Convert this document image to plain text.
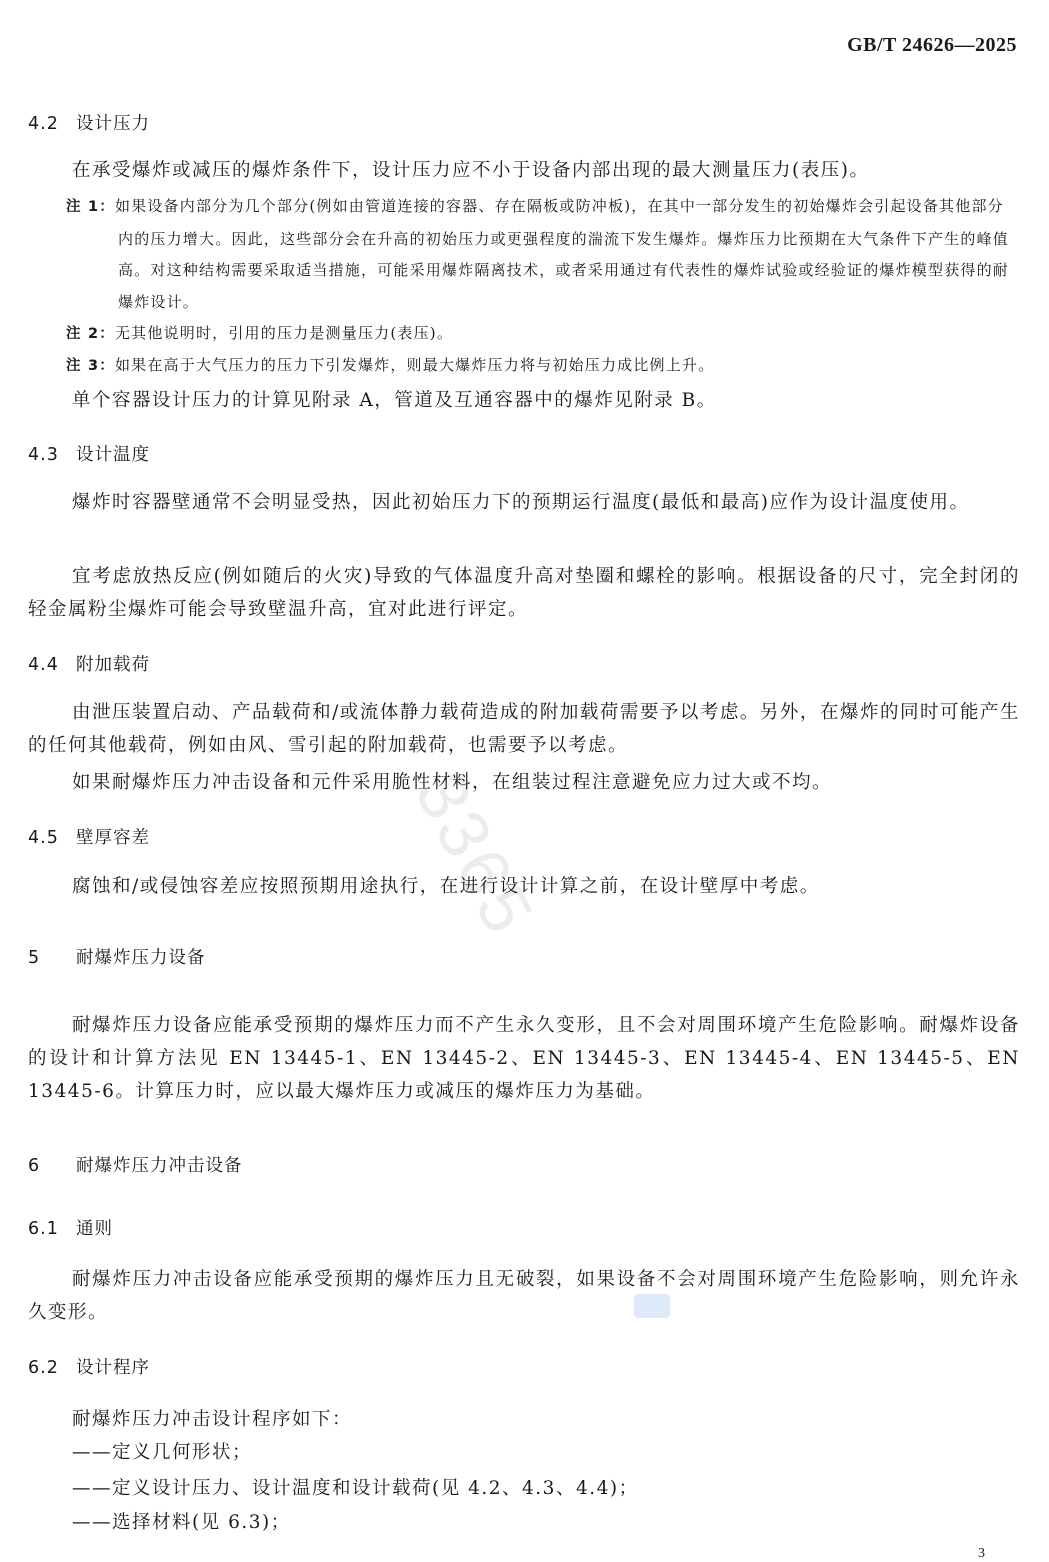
GB/T 24626—2025
3365
4.2 设计压力

在承受爆炸或减压的爆炸条件下，设计压力应不小于设备内部出现的最大测量压力(表压)。

注 1：如果设备内部分为几个部分(例如由管道连接的容器、存在隔板或防冲板)，在其中一部分发生的初始爆炸会引起设备其他部分内的压力增大。因此，这些部分会在升高的初始压力或更强程度的湍流下发生爆炸。爆炸压力比预期在大气条件下产生的峰值高。对这种结构需要采取适当措施，可能采用爆炸隔离技术，或者采用通过有代表性的爆炸试验或经验证的爆炸模型获得的耐爆炸设计。

注 2：无其他说明时，引用的压力是测量压力(表压)。

注 3：如果在高于大气压力的压力下引发爆炸，则最大爆炸压力将与初始压力成比例上升。

单个容器设计压力的计算见附录 A，管道及互通容器中的爆炸见附录 B。

4.3 设计温度

爆炸时容器壁通常不会明显受热，因此初始压力下的预期运行温度(最低和最高)应作为设计温度使用。

宜考虑放热反应(例如随后的火灾)导致的气体温度升高对垫圈和螺栓的影响。根据设备的尺寸，完全封闭的轻金属粉尘爆炸可能会导致壁温升高，宜对此进行评定。

4.4 附加载荷

由泄压装置启动、产品载荷和/或流体静力载荷造成的附加载荷需要予以考虑。另外，在爆炸的同时可能产生的任何其他载荷，例如由风、雪引起的附加载荷，也需要予以考虑。

如果耐爆炸压力冲击设备和元件采用脆性材料，在组装过程注意避免应力过大或不均。

4.5 壁厚容差

腐蚀和/或侵蚀容差应按照预期用途执行，在进行设计计算之前，在设计壁厚中考虑。

5 耐爆炸压力设备

耐爆炸压力设备应能承受预期的爆炸压力而不产生永久变形，且不会对周围环境产生危险影响。耐爆炸设备的设计和计算方法见 EN 13445-1、EN 13445-2、EN 13445-3、EN 13445-4、EN 13445-5、EN 13445-6。计算压力时，应以最大爆炸压力或减压的爆炸压力为基础。

6 耐爆炸压力冲击设备
6.1 通则

耐爆炸压力冲击设备应能承受预期的爆炸压力且无破裂，如果设备不会对周围环境产生危险影响，则允许永久变形。

6.2 设计程序

耐爆炸压力冲击设计程序如下：

——定义几何形状；
——定义设计压力、设计温度和设计载荷(见 4.2、4.3、4.4)；
——选择材料(见 6.3)；
3
